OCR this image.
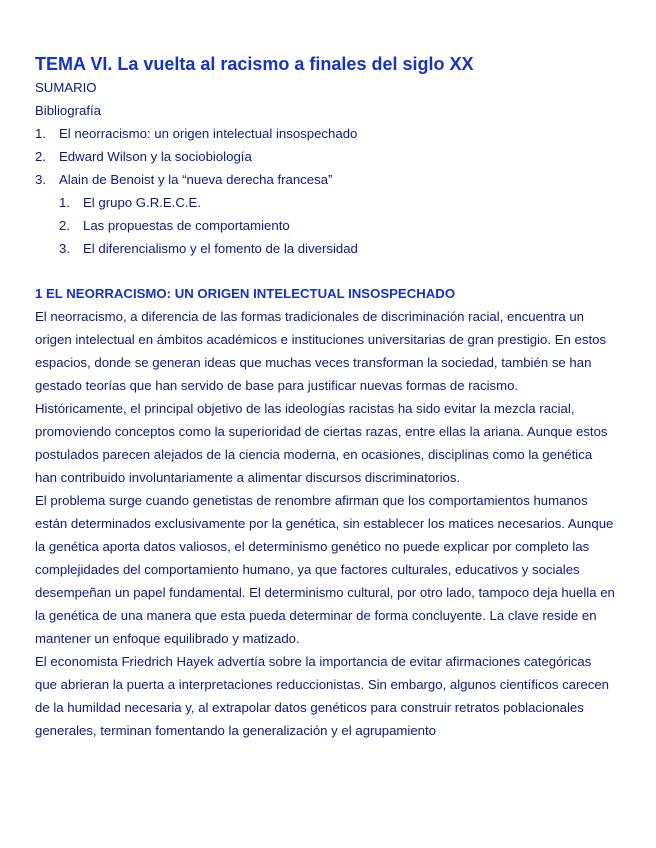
TEMA VI. La vuelta al racismo a finales del siglo XX

SUMARIO

Bibliografía

1. El neorracismo: un origen intelectual insospechado
2. Edward Wilson y la sociobiología
3. Alain de Benoist y la “nueva derecha francesa”
1. El grupo G.R.E.C.E.
2. Las propuestas de comportamiento
3. El diferencialismo y el fomento de la diversidad
1 EL NEORRACISMO: UN ORIGEN INTELECTUAL INSOSPECHADO

El neorracismo, a diferencia de las formas tradicionales de discriminación racial, encuentra un origen intelectual en ámbitos académicos e instituciones universitarias de gran prestigio. En estos espacios, donde se generan ideas que muchas veces transforman la sociedad, también se han gestado teorías que han servido de base para justificar nuevas formas de racismo.

Históricamente, el principal objetivo de las ideologías racistas ha sido evitar la mezcla racial, promoviendo conceptos como la superioridad de ciertas razas, entre ellas la ariana. Aunque estos postulados parecen alejados de la ciencia moderna, en ocasiones, disciplinas como la genética han contribuido involuntariamente a alimentar discursos discriminatorios.

El problema surge cuando genetistas de renombre afirman que los comportamientos humanos están determinados exclusivamente por la genética, sin establecer los matices necesarios. Aunque la genética aporta datos valiosos, el determinismo genético no puede explicar por completo las complejidades del comportamiento humano, ya que factores culturales, educativos y sociales desempeñan un papel fundamental. El determinismo cultural, por otro lado, tampoco deja huella en la genética de una manera que esta pueda determinar de forma concluyente. La clave reside en mantener un enfoque equilibrado y matizado.

El economista Friedrich Hayek advertía sobre la importancia de evitar afirmaciones categóricas que abrieran la puerta a interpretaciones reduccionistas. Sin embargo, algunos científicos carecen de la humildad necesaria y, al extrapolar datos genéticos para construir retratos poblacionales generales, terminan fomentando la generalización y el agrupamiento
